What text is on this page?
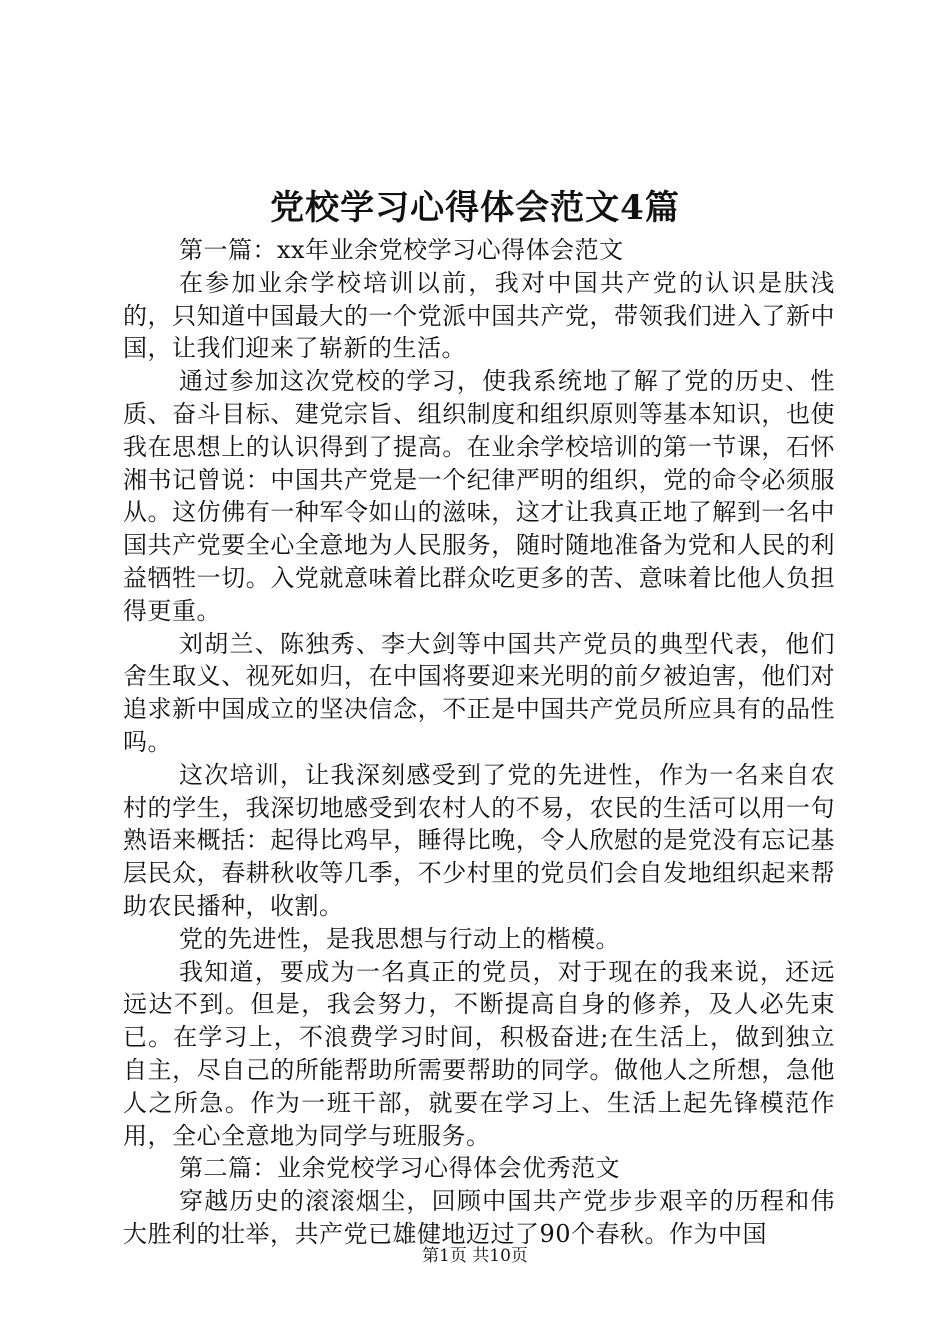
党校学习心得体会范文4篇

第一篇：xx年业余党校学习心得体会范文

在参加业余学校培训以前，我对中国共产党的认识是肤浅的，只知道中国最大的一个党派中国共产党，带领我们进入了新中国，让我们迎来了崭新的生活。

通过参加这次党校的学习，使我系统地了解了党的历史、性质、奋斗目标、建党宗旨、组织制度和组织原则等基本知识，也使我在思想上的认识得到了提高。在业余学校培训的第一节课，石怀湘书记曾说：中国共产党是一个纪律严明的组织，党的命令必须服从。这仿佛有一种军令如山的滋味，这才让我真正地了解到一名中国共产党要全心全意地为人民服务，随时随地准备为党和人民的利益牺牲一切。入党就意味着比群众吃更多的苦、意味着比他人负担得更重。

刘胡兰、陈独秀、李大剑等中国共产党员的典型代表，他们舍生取义、视死如归，在中国将要迎来光明的前夕被迫害，他们对追求新中国成立的坚决信念，不正是中国共产党员所应具有的品性吗。

这次培训，让我深刻感受到了党的先进性，作为一名来自农村的学生，我深切地感受到农村人的不易，农民的生活可以用一句熟语来概括：起得比鸡早，睡得比晚，令人欣慰的是党没有忘记基层民众，春耕秋收等几季，不少村里的党员们会自发地组织起来帮助农民播种，收割。

党的先进性，是我思想与行动上的楷模。

我知道，要成为一名真正的党员，对于现在的我来说，还远远达不到。但是，我会努力，不断提高自身的修养，及人必先束已。在学习上，不浪费学习时间，积极奋进;在生活上，做到独立自主，尽自己的所能帮助所需要帮助的同学。做他人之所想，急他人之所急。作为一班干部，就要在学习上、生活上起先锋模范作用，全心全意地为同学与班服务。

第二篇：业余党校学习心得体会优秀范文

穿越历史的滚滚烟尘，回顾中国共产党步步艰辛的历程和伟大胜利的壮举，共产党已雄健地迈过了90个春秋。作为中国

第1页 共10页
